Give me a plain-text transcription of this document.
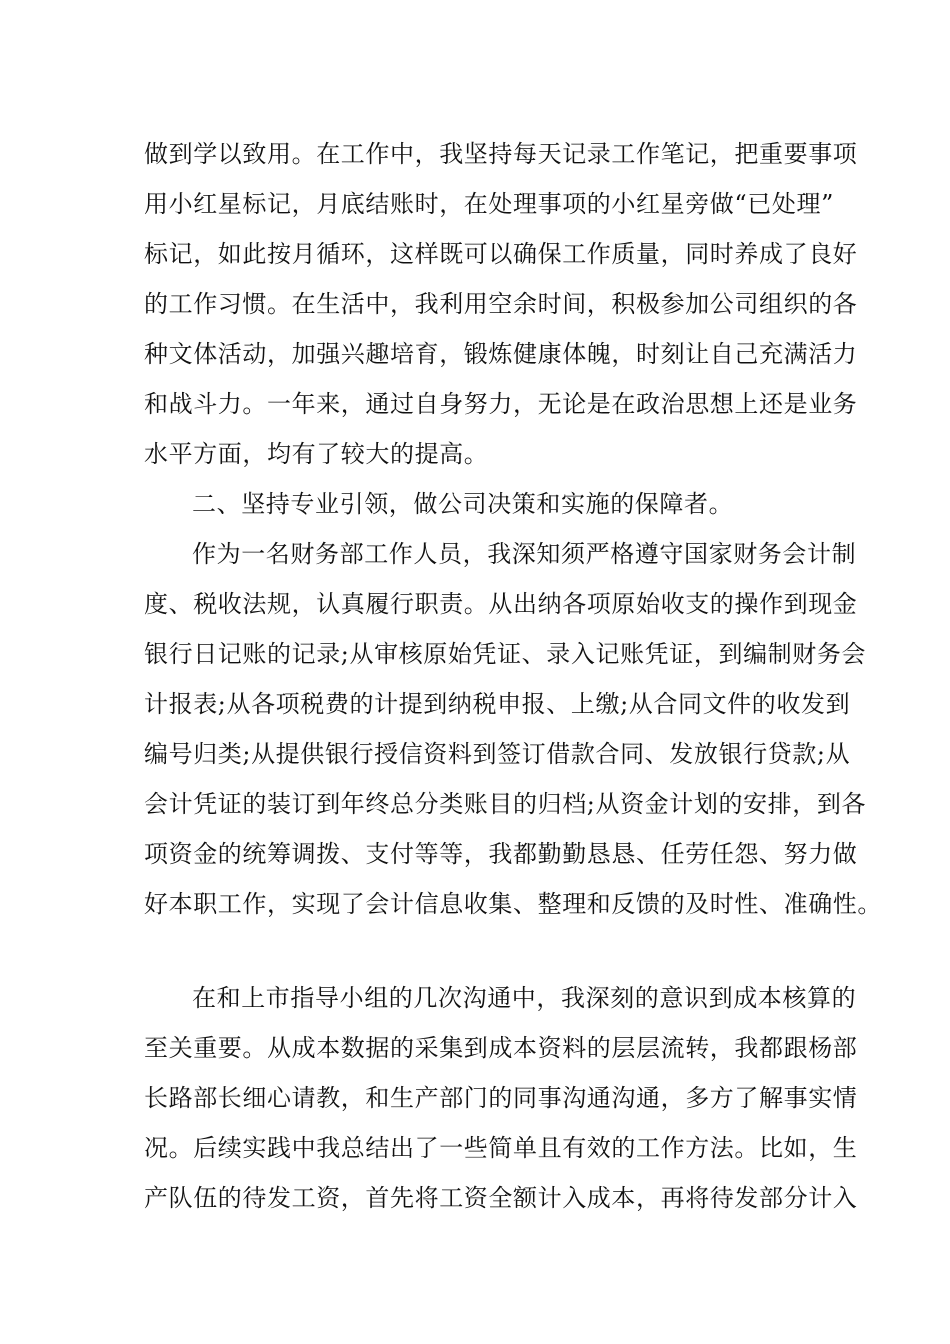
做到学以致用。在工作中，我坚持每天记录工作笔记，把重要事项
用小红星标记，月底结账时，在处理事项的小红星旁做“已处理”
标记，如此按月循环，这样既可以确保工作质量，同时养成了良好
的工作习惯。在生活中，我利用空余时间，积极参加公司组织的各
种文体活动，加强兴趣培育，锻炼健康体魄，时刻让自己充满活力
和战斗力。一年来，通过自身努力，无论是在政治思想上还是业务
水平方面，均有了较大的提高。
二、坚持专业引领，做公司决策和实施的保障者。
作为一名财务部工作人员，我深知须严格遵守国家财务会计制
度、税收法规，认真履行职责。从出纳各项原始收支的操作到现金
银行日记账的记录;从审核原始凭证、录入记账凭证，到编制财务会
计报表;从各项税费的计提到纳税申报、上缴;从合同文件的收发到
编号归类;从提供银行授信资料到签订借款合同、发放银行贷款;从
会计凭证的装订到年终总分类账目的归档;从资金计划的安排，到各
项资金的统筹调拨、支付等等，我都勤勤恳恳、任劳任怨、努力做
好本职工作，实现了会计信息收集、整理和反馈的及时性、准确性。
在和上市指导小组的几次沟通中，我深刻的意识到成本核算的
至关重要。从成本数据的采集到成本资料的层层流转，我都跟杨部
长路部长细心请教，和生产部门的同事沟通沟通，多方了解事实情
况。后续实践中我总结出了一些简单且有效的工作方法。比如，生
产队伍的待发工资，首先将工资全额计入成本，再将待发部分计入
